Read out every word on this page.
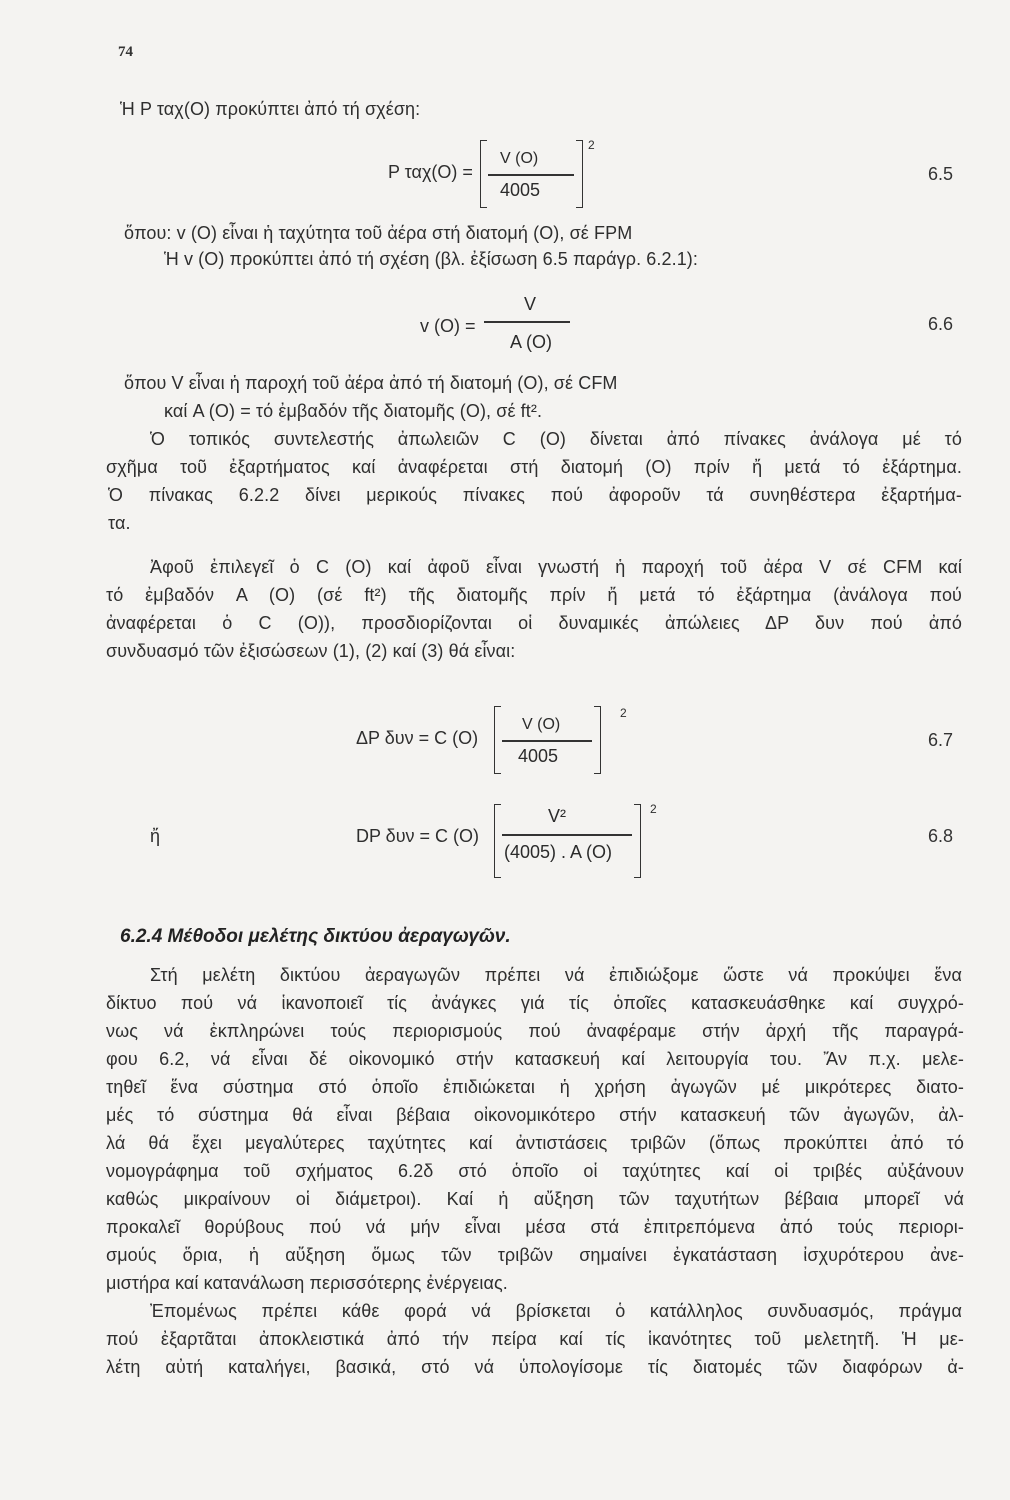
74
Ἡ Ρ ταχ(Ο) προκύπτει ἀπό τή σχέση:
Ρ ταχ(Ο) =
V (O)
4005
2
6.5
ὅπου: v (Ο) εἶναι ἡ ταχύτητα τοῦ ἀέρα στή διατομή (Ο), σέ FPM
Ἡ v (Ο) προκύπτει ἀπό τή σχέση (βλ. ἐξίσωση 6.5 παράγρ. 6.2.1):
v (Ο) =
V
A (O)
6.6
ὅπου V εἶναι ἡ παροχή τοῦ ἀέρα ἀπό τή διατομή (Ο), σέ CFM
καί A (Ο) = τό ἐμβαδόν τῆς διατομῆς (Ο), σέ ft².
Ὁ τοπικός συντελεστής ἀπωλειῶν C (Ο) δίνεται ἀπό πίνακες ἀνάλογα μέ τό
σχῆμα τοῦ ἐξαρτήματος καί ἀναφέρεται στή διατομή (Ο) πρίν ἤ μετά τό ἐξάρτημα.
Ὁ πίνακας 6.2.2 δίνει μερικούς πίνακες πού ἀφοροῦν τά συνηθέστερα ἐξαρτήμα-
τα.
Ἀφοῦ ἐπιλεγεῖ ὁ C (Ο) καί ἀφοῦ εἶναι γνωστή ἡ παροχή τοῦ ἀέρα V σέ CFM καί
τό ἐμβαδόν A (Ο) (σέ ft²) τῆς διατομῆς πρίν ἤ μετά τό ἐξάρτημα (ἀνάλογα πού
ἀναφέρεται ὁ C (Ο)), προσδιορίζονται οἱ δυναμικές ἀπώλειες ΔΡ δυν πού ἀπό
συνδυασμό τῶν ἐξισώσεων (1), (2) καί (3) θά εἶναι:
ΔΡ δυν = C (O)
V (O)
4005
2
6.7
ἤ	DP δυν = C (O)
V²
(4005) . A (O)
2
6.8
6.2.4 Μέθοδοι μελέτης δικτύου ἀεραγωγῶν.
Στή μελέτη δικτύου ἀεραγωγῶν πρέπει νά ἐπιδιώξομε ὥστε νά προκύψει ἕνα
δίκτυο πού νά ἱκανοποιεῖ τίς ἀνάγκες γιά τίς ὁποῖες κατασκευάσθηκε καί συγχρό-
νως νά ἐκπληρώνει τούς περιορισμούς πού ἀναφέραμε στήν ἀρχή τῆς παραγρά-
φου 6.2, νά εἶναι δέ οἰκονομικό στήν κατασκευή καί λειτουργία του. Ἄν π.χ. μελε-
τηθεῖ ἕνα σύστημα στό ὁποῖο ἐπιδιώκεται ἡ χρήση ἀγωγῶν μέ μικρότερες διατο-
μές τό σύστημα θά εἶναι βέβαια οἰκονομικότερο στήν κατασκευή τῶν ἀγωγῶν, ἀλ-
λά θά ἔχει μεγαλύτερες ταχύτητες καί ἀντιστάσεις τριβῶν (ὅπως προκύπτει ἀπό τό
νομογράφημα τοῦ σχήματος 6.2δ στό ὁποῖο οἱ ταχύτητες καί οἱ τριβές αὐξάνουν
καθώς μικραίνουν οἱ διάμετροι). Καί ἡ αὔξηση τῶν ταχυτήτων βέβαια μπορεῖ νά
προκαλεῖ θορύβους πού νά μήν εἶναι μέσα στά ἐπιτρεπόμενα ἀπό τούς περιορι-
σμούς ὅρια, ἡ αὔξηση ὅμως τῶν τριβῶν σημαίνει ἐγκατάσταση ἰσχυρότερου ἀνε-
μιστήρα καί κατανάλωση περισσότερης ἐνέργειας.
Ἐπομένως πρέπει κάθε φορά νά βρίσκεται ὁ κατάλληλος συνδυασμός, πράγμα
πού ἐξαρτᾶται ἀποκλειστικά ἀπό τήν πείρα καί τίς ἱκανότητες τοῦ μελετητῆ. Ἡ με-
λέτη αὐτή καταλήγει, βασικά, στό νά ὑπολογίσομε τίς διατομές τῶν διαφόρων ἀ-
